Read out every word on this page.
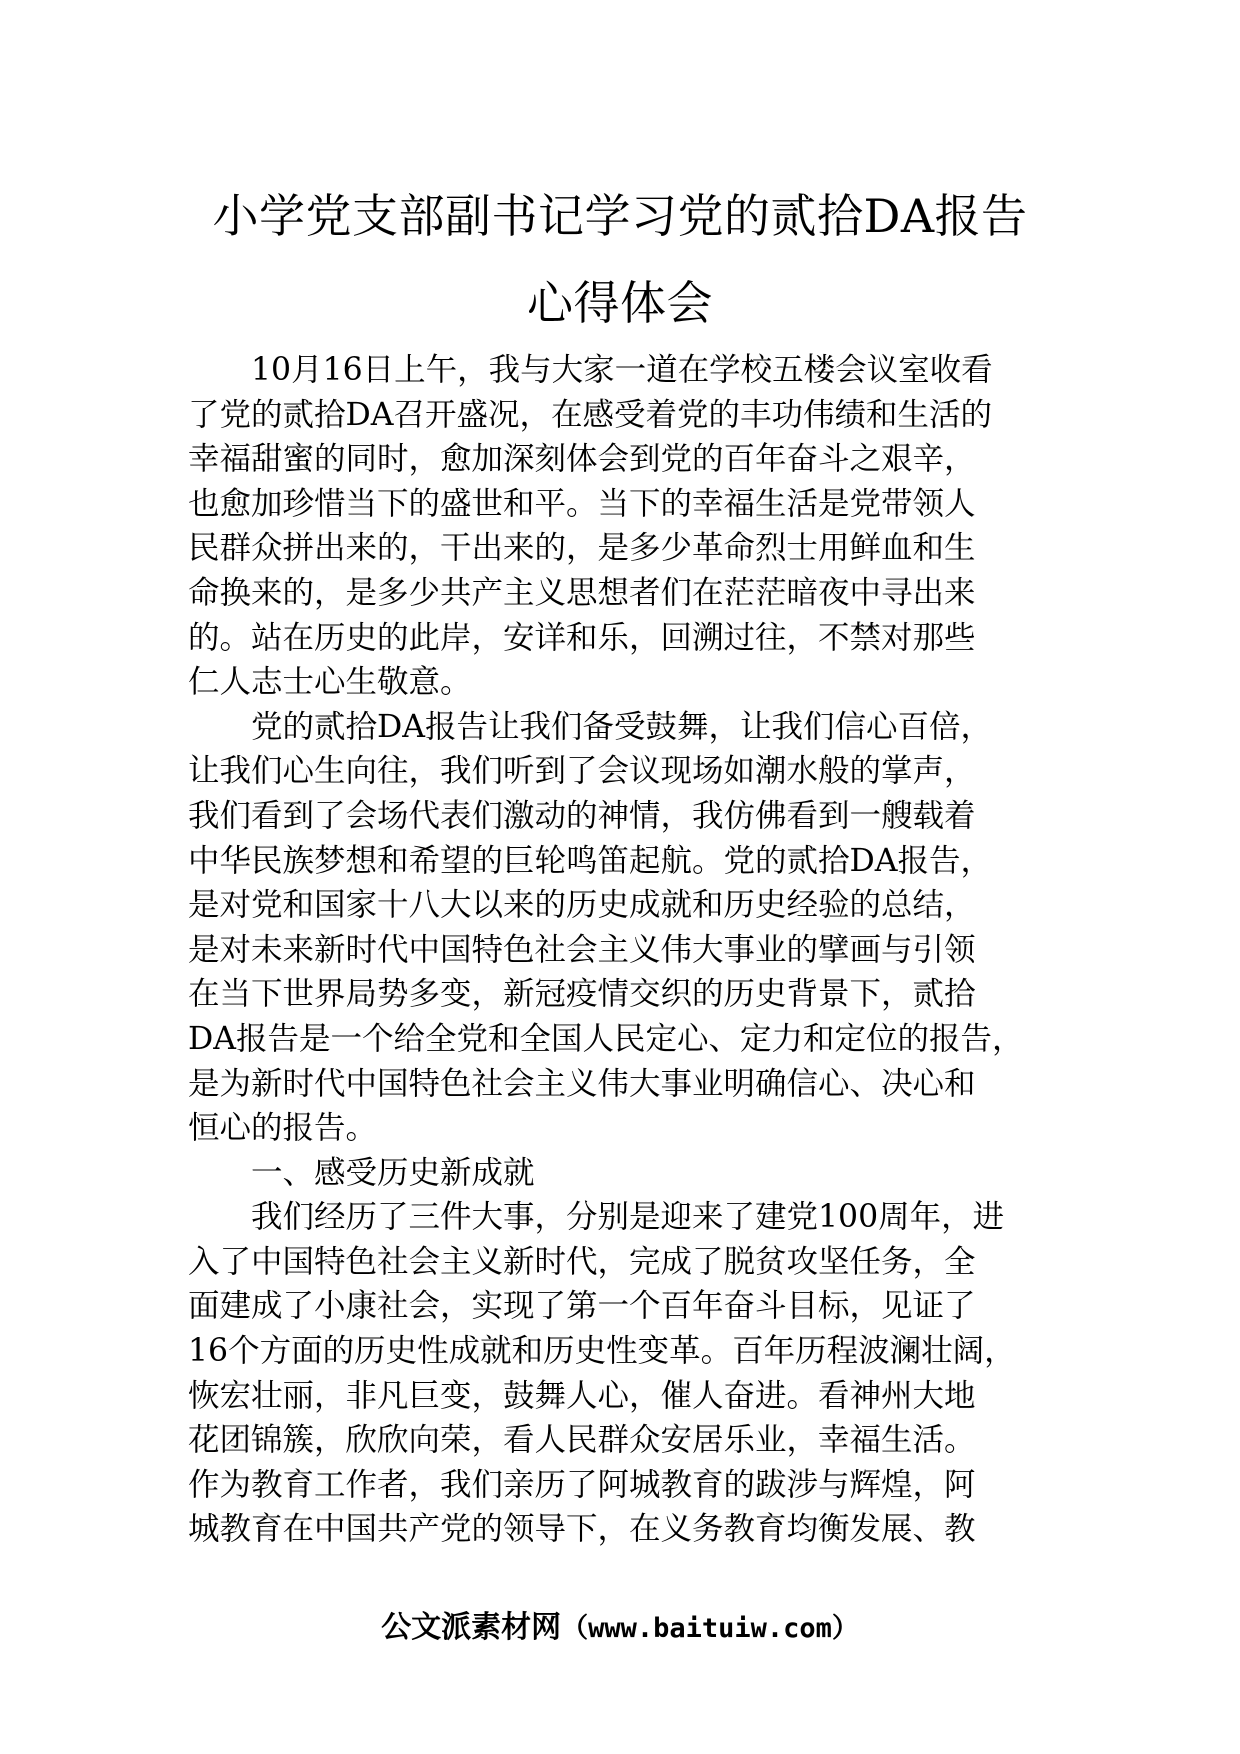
小学党支部副书记学习党的贰拾DA报告
心得体会
10月16日上午，我与大家一道在学校五楼会议室收看
了党的贰拾DA召开盛况，在感受着党的丰功伟绩和生活的
幸福甜蜜的同时，愈加深刻体会到党的百年奋斗之艰辛，
也愈加珍惜当下的盛世和平。当下的幸福生活是党带领人
民群众拼出来的，干出来的，是多少革命烈士用鲜血和生
命换来的，是多少共产主义思想者们在茫茫暗夜中寻出来
的。站在历史的此岸，安详和乐，回溯过往，不禁对那些
仁人志士心生敬意。
党的贰拾DA报告让我们备受鼓舞，让我们信心百倍，
让我们心生向往，我们听到了会议现场如潮水般的掌声，
我们看到了会场代表们激动的神情，我仿佛看到一艘载着
中华民族梦想和希望的巨轮鸣笛起航。党的贰拾DA报告，
是对党和国家十八大以来的历史成就和历史经验的总结，
是对未来新时代中国特色社会主义伟大事业的擘画与引领
在当下世界局势多变，新冠疫情交织的历史背景下，贰拾
DA报告是一个给全党和全国人民定心、定力和定位的报告，
是为新时代中国特色社会主义伟大事业明确信心、决心和
恒心的报告。
一、感受历史新成就
我们经历了三件大事，分别是迎来了建党100周年，进
入了中国特色社会主义新时代，完成了脱贫攻坚任务，全
面建成了小康社会，实现了第一个百年奋斗目标，见证了
16个方面的历史性成就和历史性变革。百年历程波澜壮阔，
恢宏壮丽，非凡巨变，鼓舞人心，催人奋进。看神州大地
花团锦簇，欣欣向荣，看人民群众安居乐业，幸福生活。
作为教育工作者，我们亲历了阿城教育的跋涉与辉煌，阿
城教育在中国共产党的领导下，在义务教育均衡发展、教
公文派素材网（www.baituiw.com）
